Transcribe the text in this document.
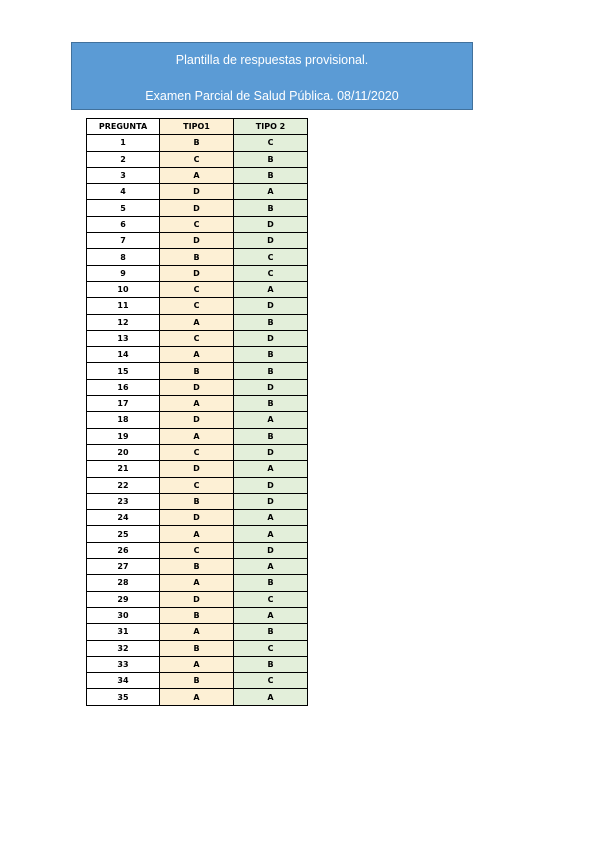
Plantilla de respuestas provisional.
Examen Parcial de Salud Pública. 08/11/2020
PREGUNTA	TIPO1	TIPO 2
1	B	C
2	C	B
3	A	B
4	D	A
5	D	B
6	C	D
7	D	D
8	B	C
9	D	C
10	C	A
11	C	D
12	A	B
13	C	D
14	A	B
15	B	B
16	D	D
17	A	B
18	D	A
19	A	B
20	C	D
21	D	A
22	C	D
23	B	D
24	D	A
25	A	A
26	C	D
27	B	A
28	A	B
29	D	C
30	B	A
31	A	B
32	B	C
33	A	B
34	B	C
35	A	A
